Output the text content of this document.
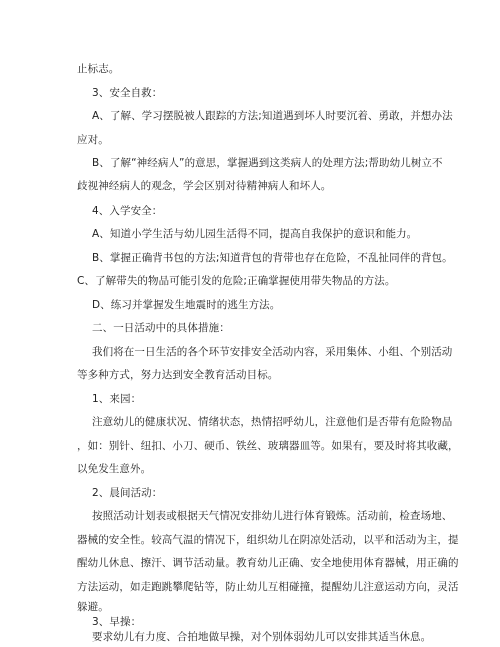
止标志。
3、安全自救：
A、了解、学习摆脱被人跟踪的方法;知道遇到坏人时要沉着、勇敢，并想办法
应对。
B、了解“神经病人”的意思，掌握遇到这类病人的处理方法;帮助幼儿树立不
歧视神经病人的观念，学会区别对待精神病人和坏人。
4、入学安全：
A、知道小学生活与幼儿园生活得不同，提高自我保护的意识和能力。
B、掌握正确背书包的方法;知道背包的背带也存在危险，不乱扯同伴的背包。
C、了解带失的物品可能引发的危险;正确掌握使用带失物品的方法。
D、练习并掌握发生地震时的逃生方法。
二、一日活动中的具体措施：
我们将在一日生活的各个环节安排安全活动内容，采用集体、小组、个别活动
等多种方式，努力达到安全教育活动目标。
1、来园：
注意幼儿的健康状况、情绪状态，热情招呼幼儿，注意他们是否带有危险物品
，如：别针、纽扣、小刀、硬币、铁丝、玻璃器皿等。如果有，要及时将其收藏，
以免发生意外。
2、晨间活动：
按照活动计划表或根据天气情况安排幼儿进行体育锻炼。活动前，检查场地、
器械的安全性。较高气温的情况下，组织幼儿在阴凉处活动，以平和活动为主，提
醒幼儿休息、擦汗、调节活动量。教育幼儿正确、安全地使用体育器械，用正确的
方法运动，如走跑跳攀爬钻等，防止幼儿互相碰撞，提醒幼儿注意运动方向，灵活
躲避。
3、早操：
要求幼儿有力度、合拍地做早操，对个别体弱幼儿可以安排其适当休息。
